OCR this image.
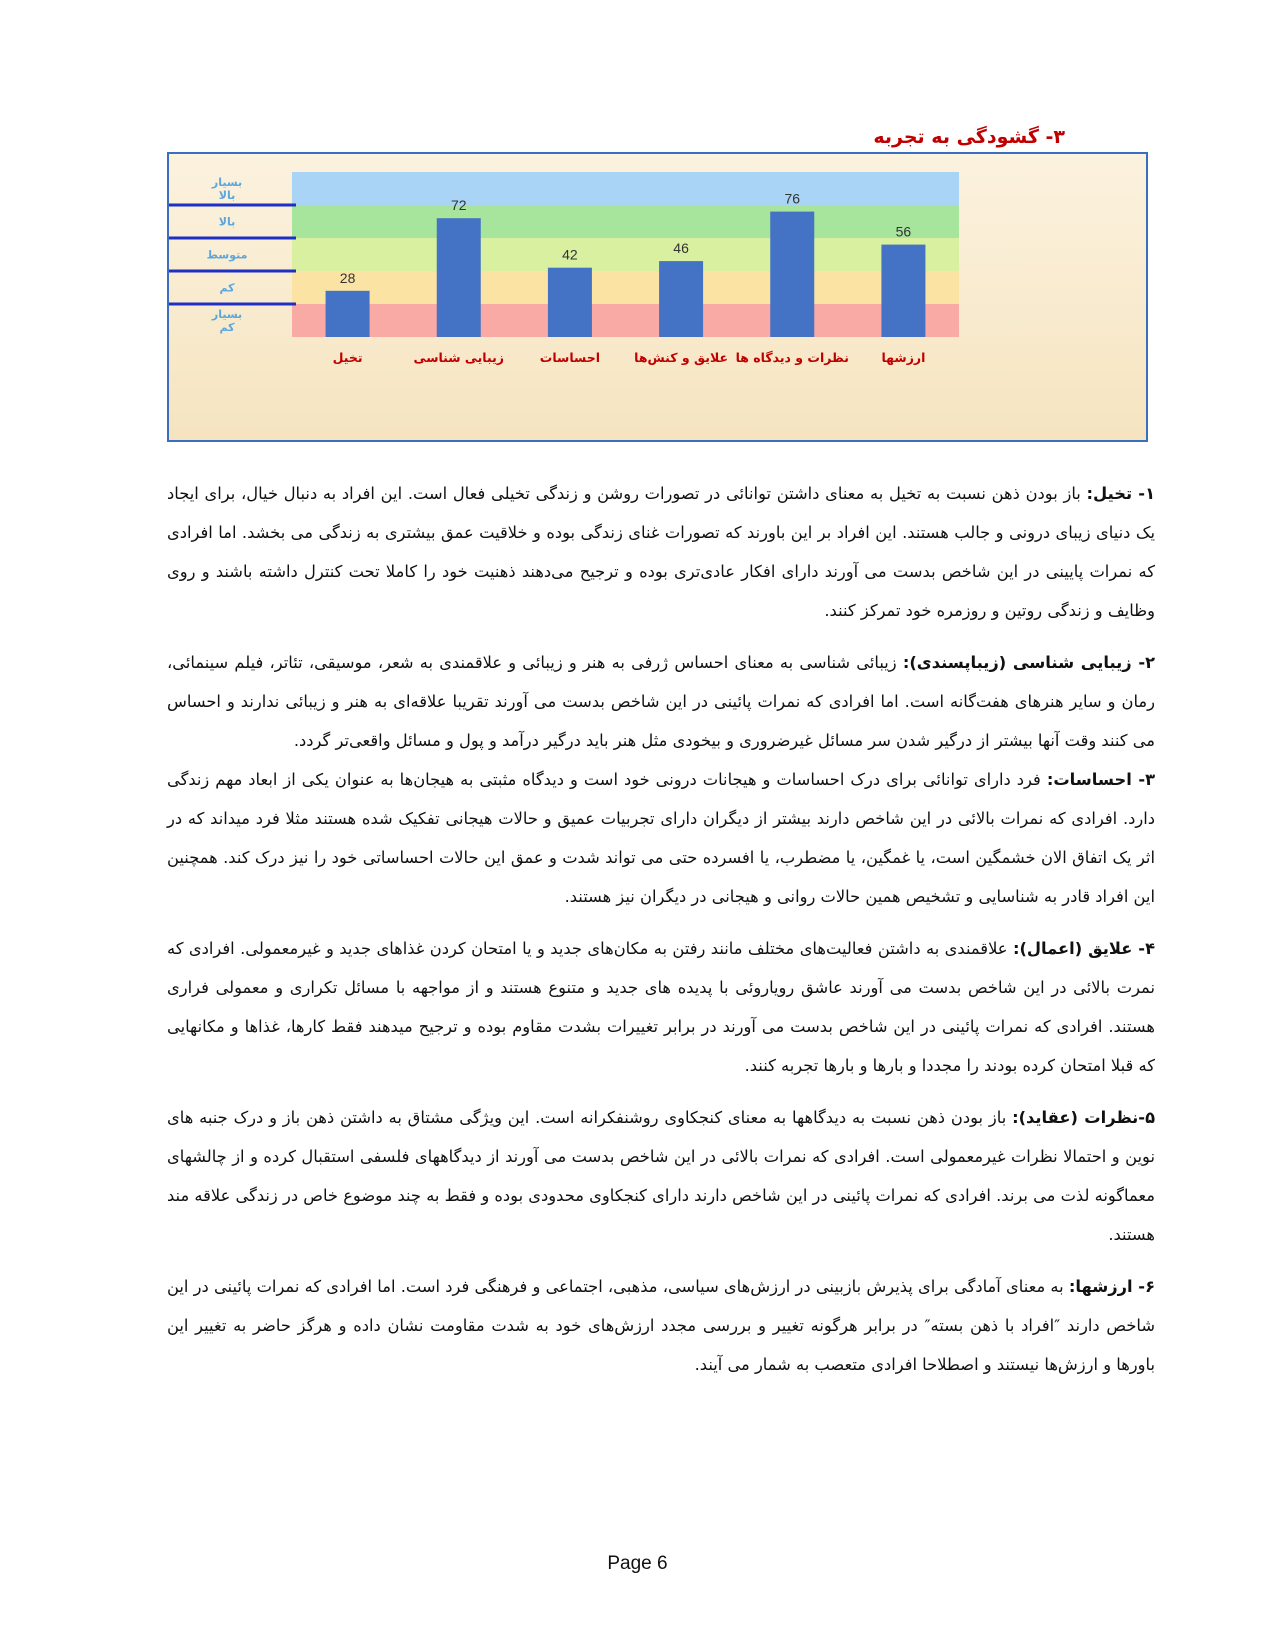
۳- گشودگی به تجربه
بسیار
بالا
بالا
متوسط
کم
بسیار
کم
28
تخیل
72
زیبایی شناسی
42
احساسات
46
علایق و کنش‌ها
76
نظرات و دیدگاه ها
56
ارزشها

۱- تخیل: باز بودن ذهن نسبت به تخیل به معنای داشتن توانائی در تصورات روشن و زندگی تخیلی فعال است. این افراد به دنبال خیال، برای ایجاد یک دنیای زیبای درونی و جالب هستند. این افراد بر این باورند که تصورات غنای زندگی بوده و خلاقیت عمق بیشتری به زندگی می بخشد. اما افرادی که نمرات پایینی در این شاخص بدست می آورند دارای افکار عادی‌تری بوده و ترجیح می‌دهند ذهنیت خود را کاملا تحت کنترل داشته باشند و روی وظایف و زندگی روتین و روزمره خود تمرکز کنند.

۲- زیبایی شناسی (زیباپسندی): زیبائی شناسی به معنای احساس ژرفی به هنر و زیبائی و علاقمندی به شعر، موسیقی، تئاتر، فیلم سینمائی، رمان و سایر هنرهای هفت‌گانه است. اما افرادی که نمرات پائینی در این شاخص بدست می آورند تقریبا علاقه‌ای به هنر و زیبائی ندارند و احساس می کنند وقت آنها بیشتر از درگیر شدن سر مسائل غیرضروری و بیخودی مثل هنر باید درگیر درآمد و پول و مسائل واقعی‌تر گردد.

۳- احساسات: فرد دارای توانائی برای درک احساسات و هیجانات درونی خود است و دیدگاه مثبتی به هیجان‌ها به عنوان یکی از ابعاد مهم زندگی دارد. افرادی که نمرات بالائی در این شاخص دارند بیشتر از دیگران دارای تجربیات عمیق و حالات هیجانی تفکیک شده هستند مثلا فرد میداند که در اثر یک اتفاق الان خشمگین است، یا غمگین، یا مضطرب، یا افسرده حتی می تواند شدت و عمق این حالات احساساتی خود را نیز درک کند. همچنین این افراد قادر به شناسایی و تشخیص همین حالات روانی و هیجانی در دیگران نیز هستند.

۴- علایق (اعمال): علاقمندی به داشتن فعالیت‌های مختلف مانند رفتن به مکان‌های جدید و یا امتحان کردن غذاهای جدید و غیرمعمولی. افرادی که نمرت بالائی در این شاخص بدست می آورند عاشق رویاروئی با پدیده های جدید و متنوع هستند و از مواجهه با مسائل تکراری و معمولی فراری هستند. افرادی که نمرات پائینی در این شاخص بدست می آورند در برابر تغییرات بشدت مقاوم بوده و ترجیح میدهند فقط کارها، غذاها و مکانهایی که قبلا امتحان کرده بودند را مجددا و بارها و بارها تجربه کنند.

۵-نظرات (عقاید): باز بودن ذهن نسبت به دیدگاهها به معنای کنجکاوی روشنفکرانه است. این ویژگی مشتاق به داشتن ذهن باز و درک جنبه های نوین و احتمالا نظرات غیرمعمولی است. افرادی که نمرات بالائی در این شاخص بدست می آورند از دیدگاههای فلسفی استقبال کرده و از چالشهای معماگونه لذت می برند. افرادی که نمرات پائینی در این شاخص دارند دارای کنجکاوی محدودی بوده و فقط به چند موضوع خاص در زندگی علاقه مند هستند.

۶- ارزشها: به معنای آمادگی برای پذیرش بازبینی در ارزش‌های سیاسی، مذهبی، اجتماعی و فرهنگی فرد است. اما افرادی که نمرات پائینی در این شاخص دارند ″افراد با ذهن بسته″ در برابر هرگونه تغییر و بررسی مجدد ارزش‌های خود به شدت مقاومت نشان داده و هرگز حاضر به تغییر این باورها و ارزش‌ها نیستند و اصطلاحا افرادی متعصب به شمار می آیند.

Page 6
